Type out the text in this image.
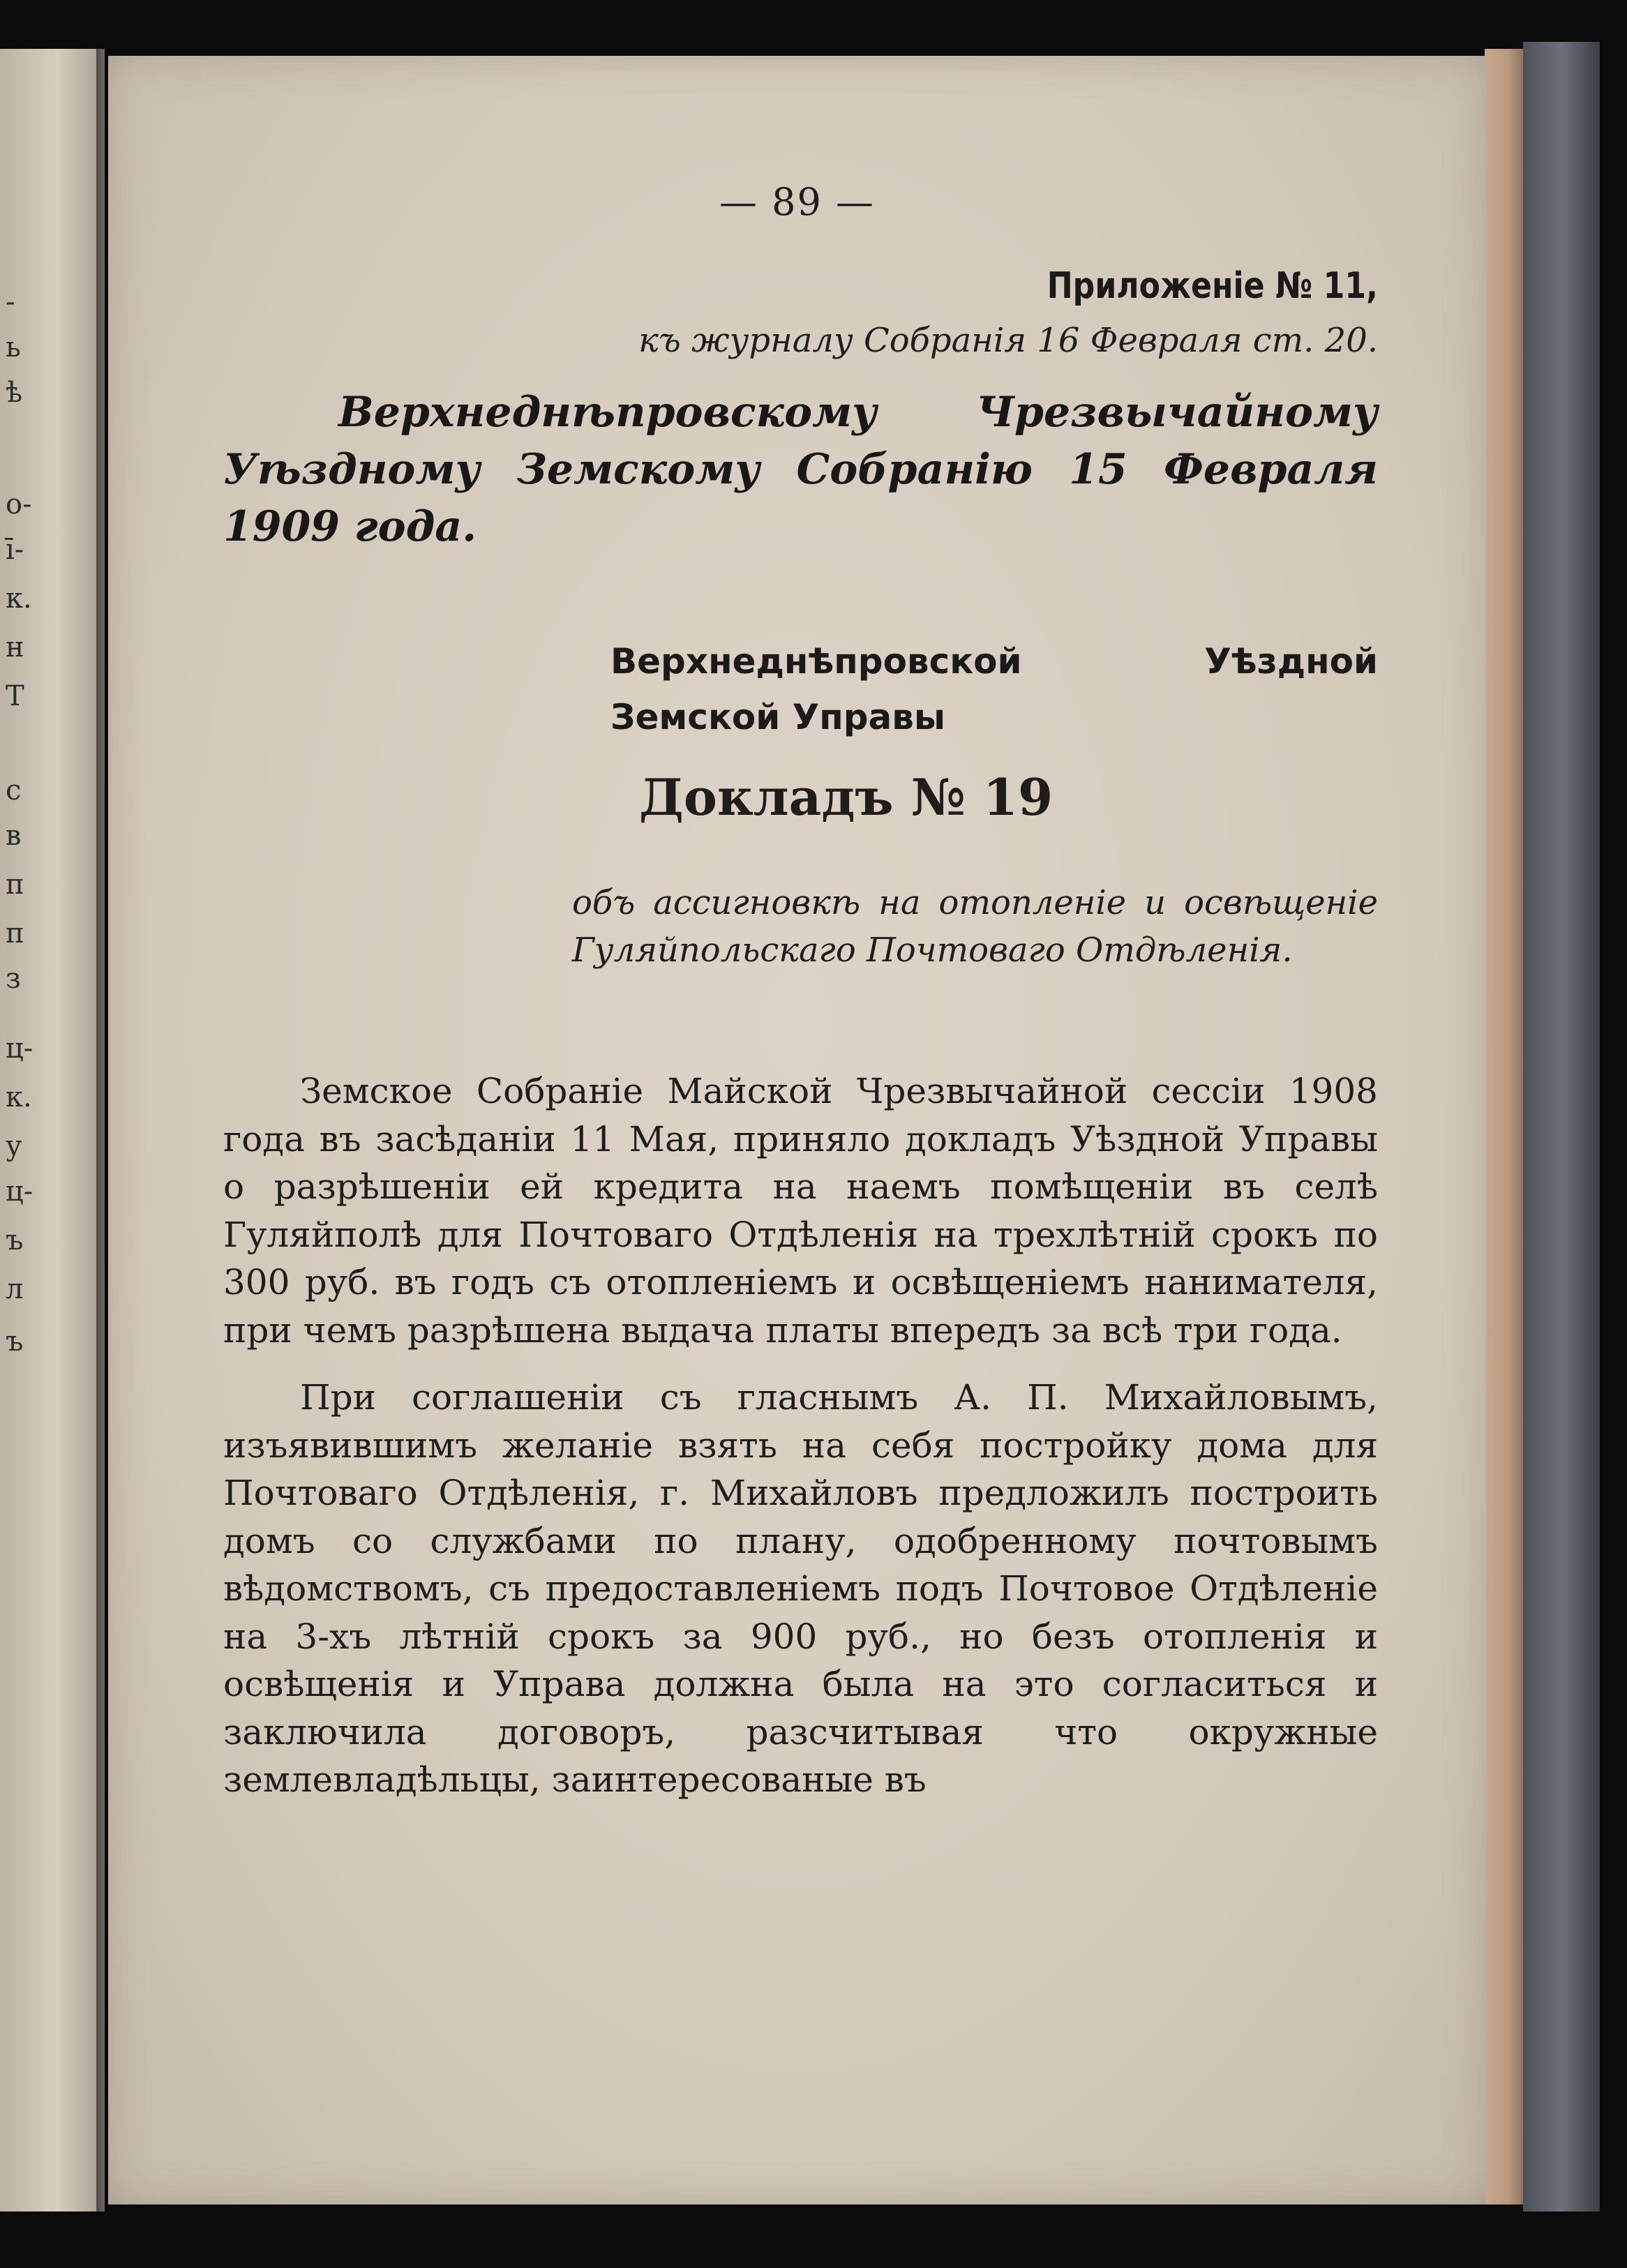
-
ь
ѣ
о-
ī-
к.
н
Т
с
в
п
п
з
ц-
к.
у
ц-
ъ
л
ъ
— 89 —
Приложеніе № 11,
къ журналу Собранія 16 Февраля ст. 20.
Верхнеднѣпровскому Чрезвычайному Уѣздному Земскому Собранію 15 Февраля 1909 года.
Верхнеднѣпровской Уѣздной Земской Управы
Докладъ № 19
объ ассигновкѣ на отопленіе и освѣщеніе Гуляйпольскаго Почтоваго Отдѣленія.

Земское Собраніе Майской Чрезвычайной сессіи 1908 года въ засѣданіи 11 Мая, приняло докладъ Уѣздной Управы о разрѣшеніи ей кредита на наемъ помѣщеніи въ селѣ Гуляйполѣ для Почтоваго Отдѣленія на трехлѣтній срокъ по 300 руб. въ годъ съ отопленіемъ и освѣщеніемъ нанимателя, при чемъ разрѣшена выдача платы впередъ за всѣ три года.

При соглашеніи съ гласнымъ А. П. Михайловымъ, изъявившимъ желаніе взять на себя постройку дома для Почтоваго Отдѣленія, г. Михайловъ предложилъ построить домъ со службами по плану, одобренному почтовымъ вѣдомствомъ, съ предоставленіемъ подъ Почтовое Отдѣленіе на 3-хъ лѣтній срокъ за 900 руб., но безъ отопленія и освѣщенія и Управа должна была на это согласиться и заключила договоръ, разсчитывая что окружные землевладѣльцы, заинтересованые въ
